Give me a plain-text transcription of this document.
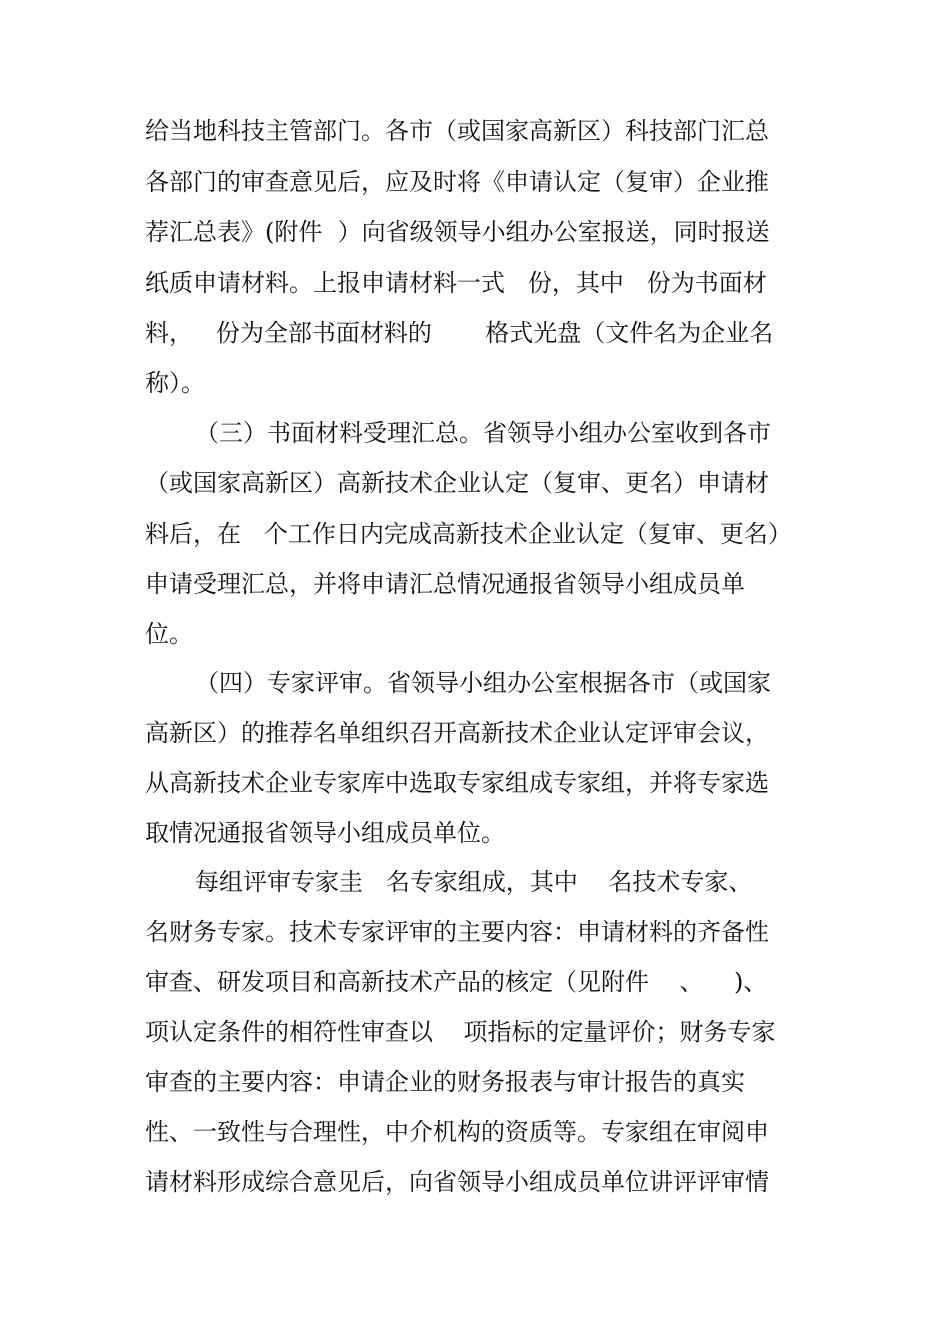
给当地科技主管部门。各市（或国家高新区）科技部门汇总

各部门的审查意见后，应及时将《申请认定（复审）企业推

荐汇总表》(附件  ）向省级领导小组办公室报送，同时报送

纸质申请材料。上报申请材料一式   份，其中   份为书面材

料，   份为全部书面材料的       格式光盘（文件名为企业名

称）。

（三）书面材料受理汇总。省领导小组办公室收到各市

（或国家高新区）高新技术企业认定（复审、更名）申请材

料后，在   个工作日内完成高新技术企业认定（复审、更名）

申请受理汇总，并将申请汇总情况通报省领导小组成员单

位。

（四）专家评审。省领导小组办公室根据各市（或国家

高新区）的推荐名单组织召开高新技术企业认定评审会议，

从高新技术企业专家库中选取专家组成专家组，并将专家选

取情况通报省领导小组成员单位。

每组评审专家圭   名专家组成，其中    名技术专家、

名财务专家。技术专家评审的主要内容：申请材料的齐备性

审查、研发项目和高新技术产品的核定（见附件    、    )、

项认定条件的相符性审查以    项指标的定量评价；财务专家

审查的主要内容：申请企业的财务报表与审计报告的真实

性、一致性与合理性，中介机构的资质等。专家组在审阅申

请材料形成综合意见后，向省领导小组成员单位讲评评审情
